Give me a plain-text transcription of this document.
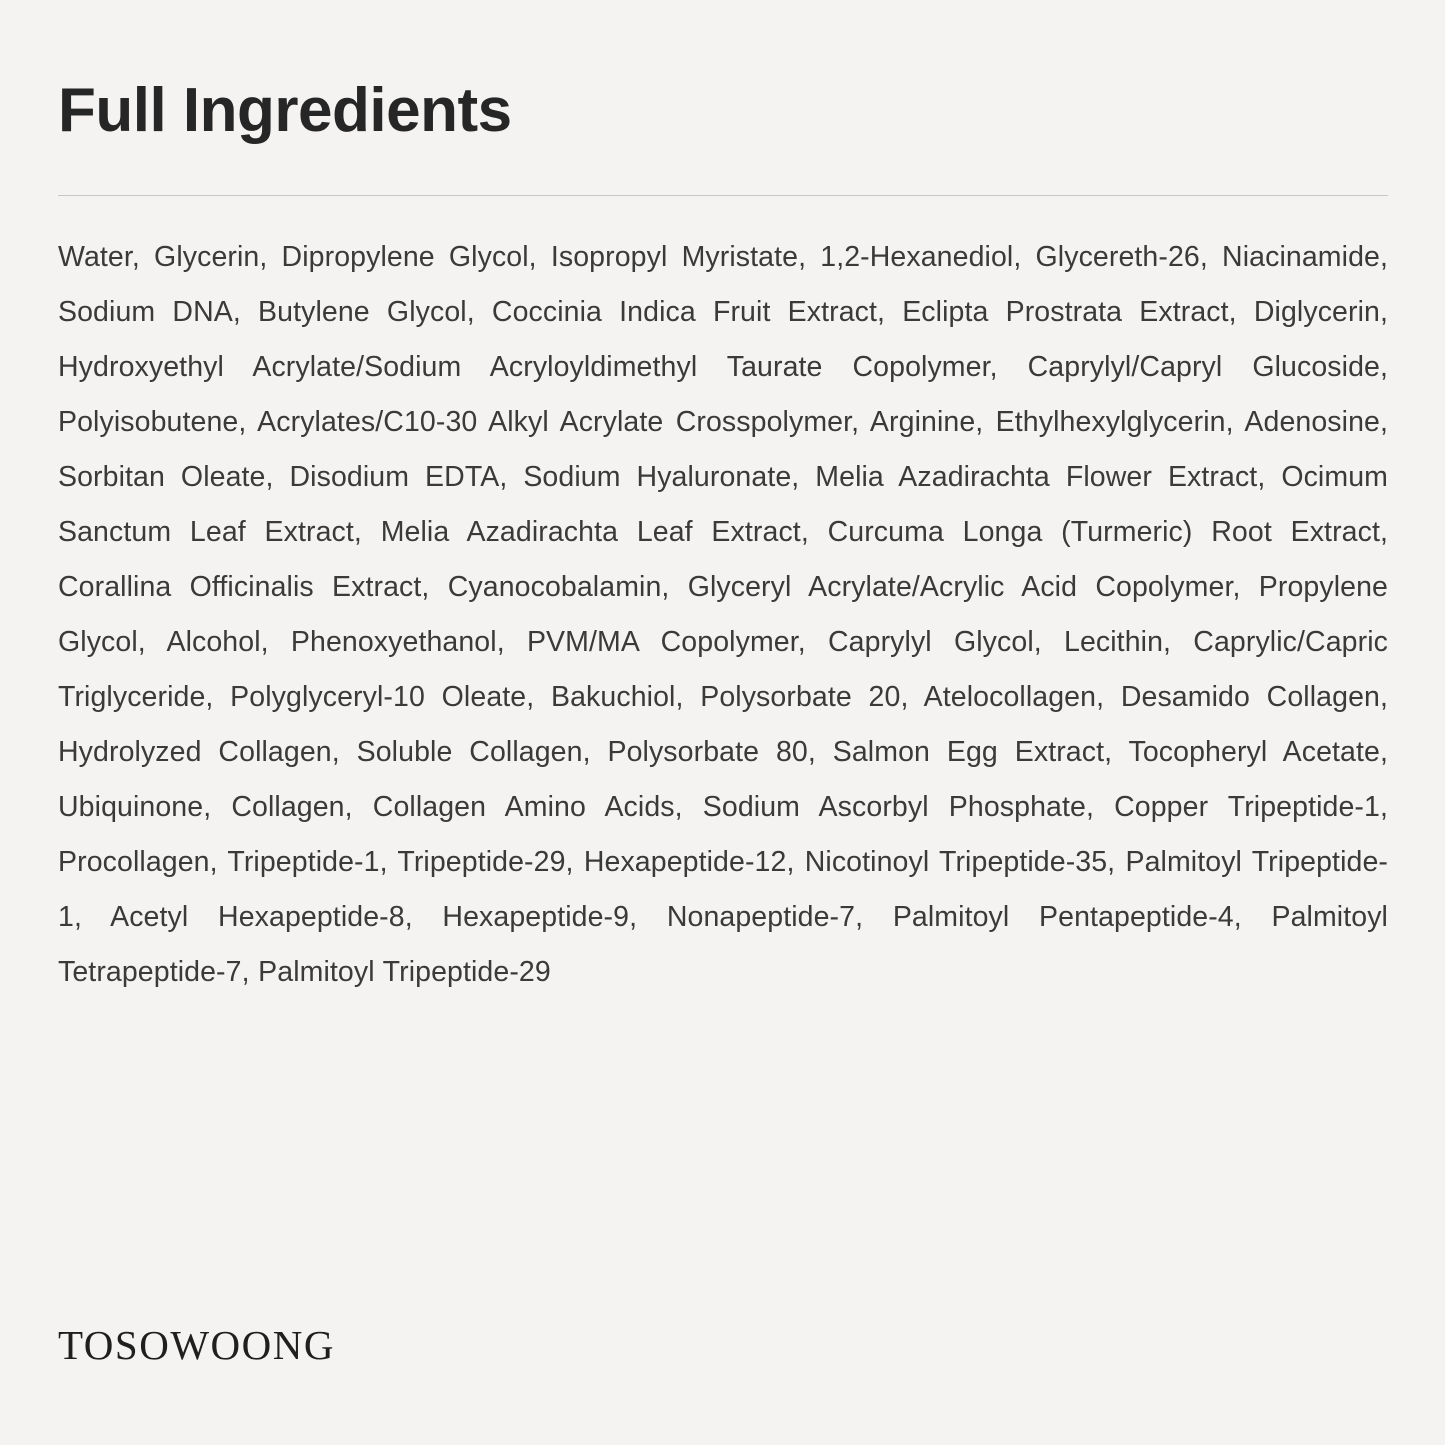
Full Ingredients

Water, Glycerin, Dipropylene Glycol, Isopropyl Myristate, 1,2-Hexanediol, Glycereth-26, Niacinamide, Sodium DNA, Butylene Glycol, Coccinia Indica Fruit Extract, Eclipta Prostrata Extract, Diglycerin, Hydroxyethyl Acrylate/Sodium Acryloyldimethyl Taurate Copolymer, Caprylyl/Capryl Glucoside, Polyisobutene, Acrylates/C10-30 Alkyl Acrylate Crosspolymer, Arginine, Ethylhexylglycerin, Adenosine, Sorbitan Oleate, Disodium EDTA, Sodium Hyaluronate, Melia Azadirachta Flower Extract, Ocimum Sanctum Leaf Extract, Melia Azadirachta Leaf Extract, Curcuma Longa (Turmeric) Root Extract, Corallina Officinalis Extract, Cyanocobalamin, Glyceryl Acrylate/Acrylic Acid Copolymer, Propylene Glycol, Alcohol, Phenoxyethanol, PVM/MA Copolymer, Caprylyl Glycol, Lecithin, Caprylic/Capric Triglyceride, Polyglyceryl-10 Oleate, Bakuchiol, Polysorbate 20, Atelocollagen, Desamido Collagen, Hydrolyzed Collagen, Soluble Collagen, Polysorbate 80, Salmon Egg Extract, Tocopheryl Acetate, Ubiquinone, Collagen, Collagen Amino Acids, Sodium Ascorbyl Phosphate, Copper Tripeptide-1, Procollagen, Tripeptide-1, Tripeptide-29, Hexapeptide-12, Nicotinoyl Tripeptide-35, Palmitoyl Tripeptide-1, Acetyl Hexapeptide-8, Hexapeptide-9, Nonapeptide-7, Palmitoyl Pentapeptide-4, Palmitoyl Tetrapeptide-7, Palmitoyl Tripeptide-29

TOSOWOONG
